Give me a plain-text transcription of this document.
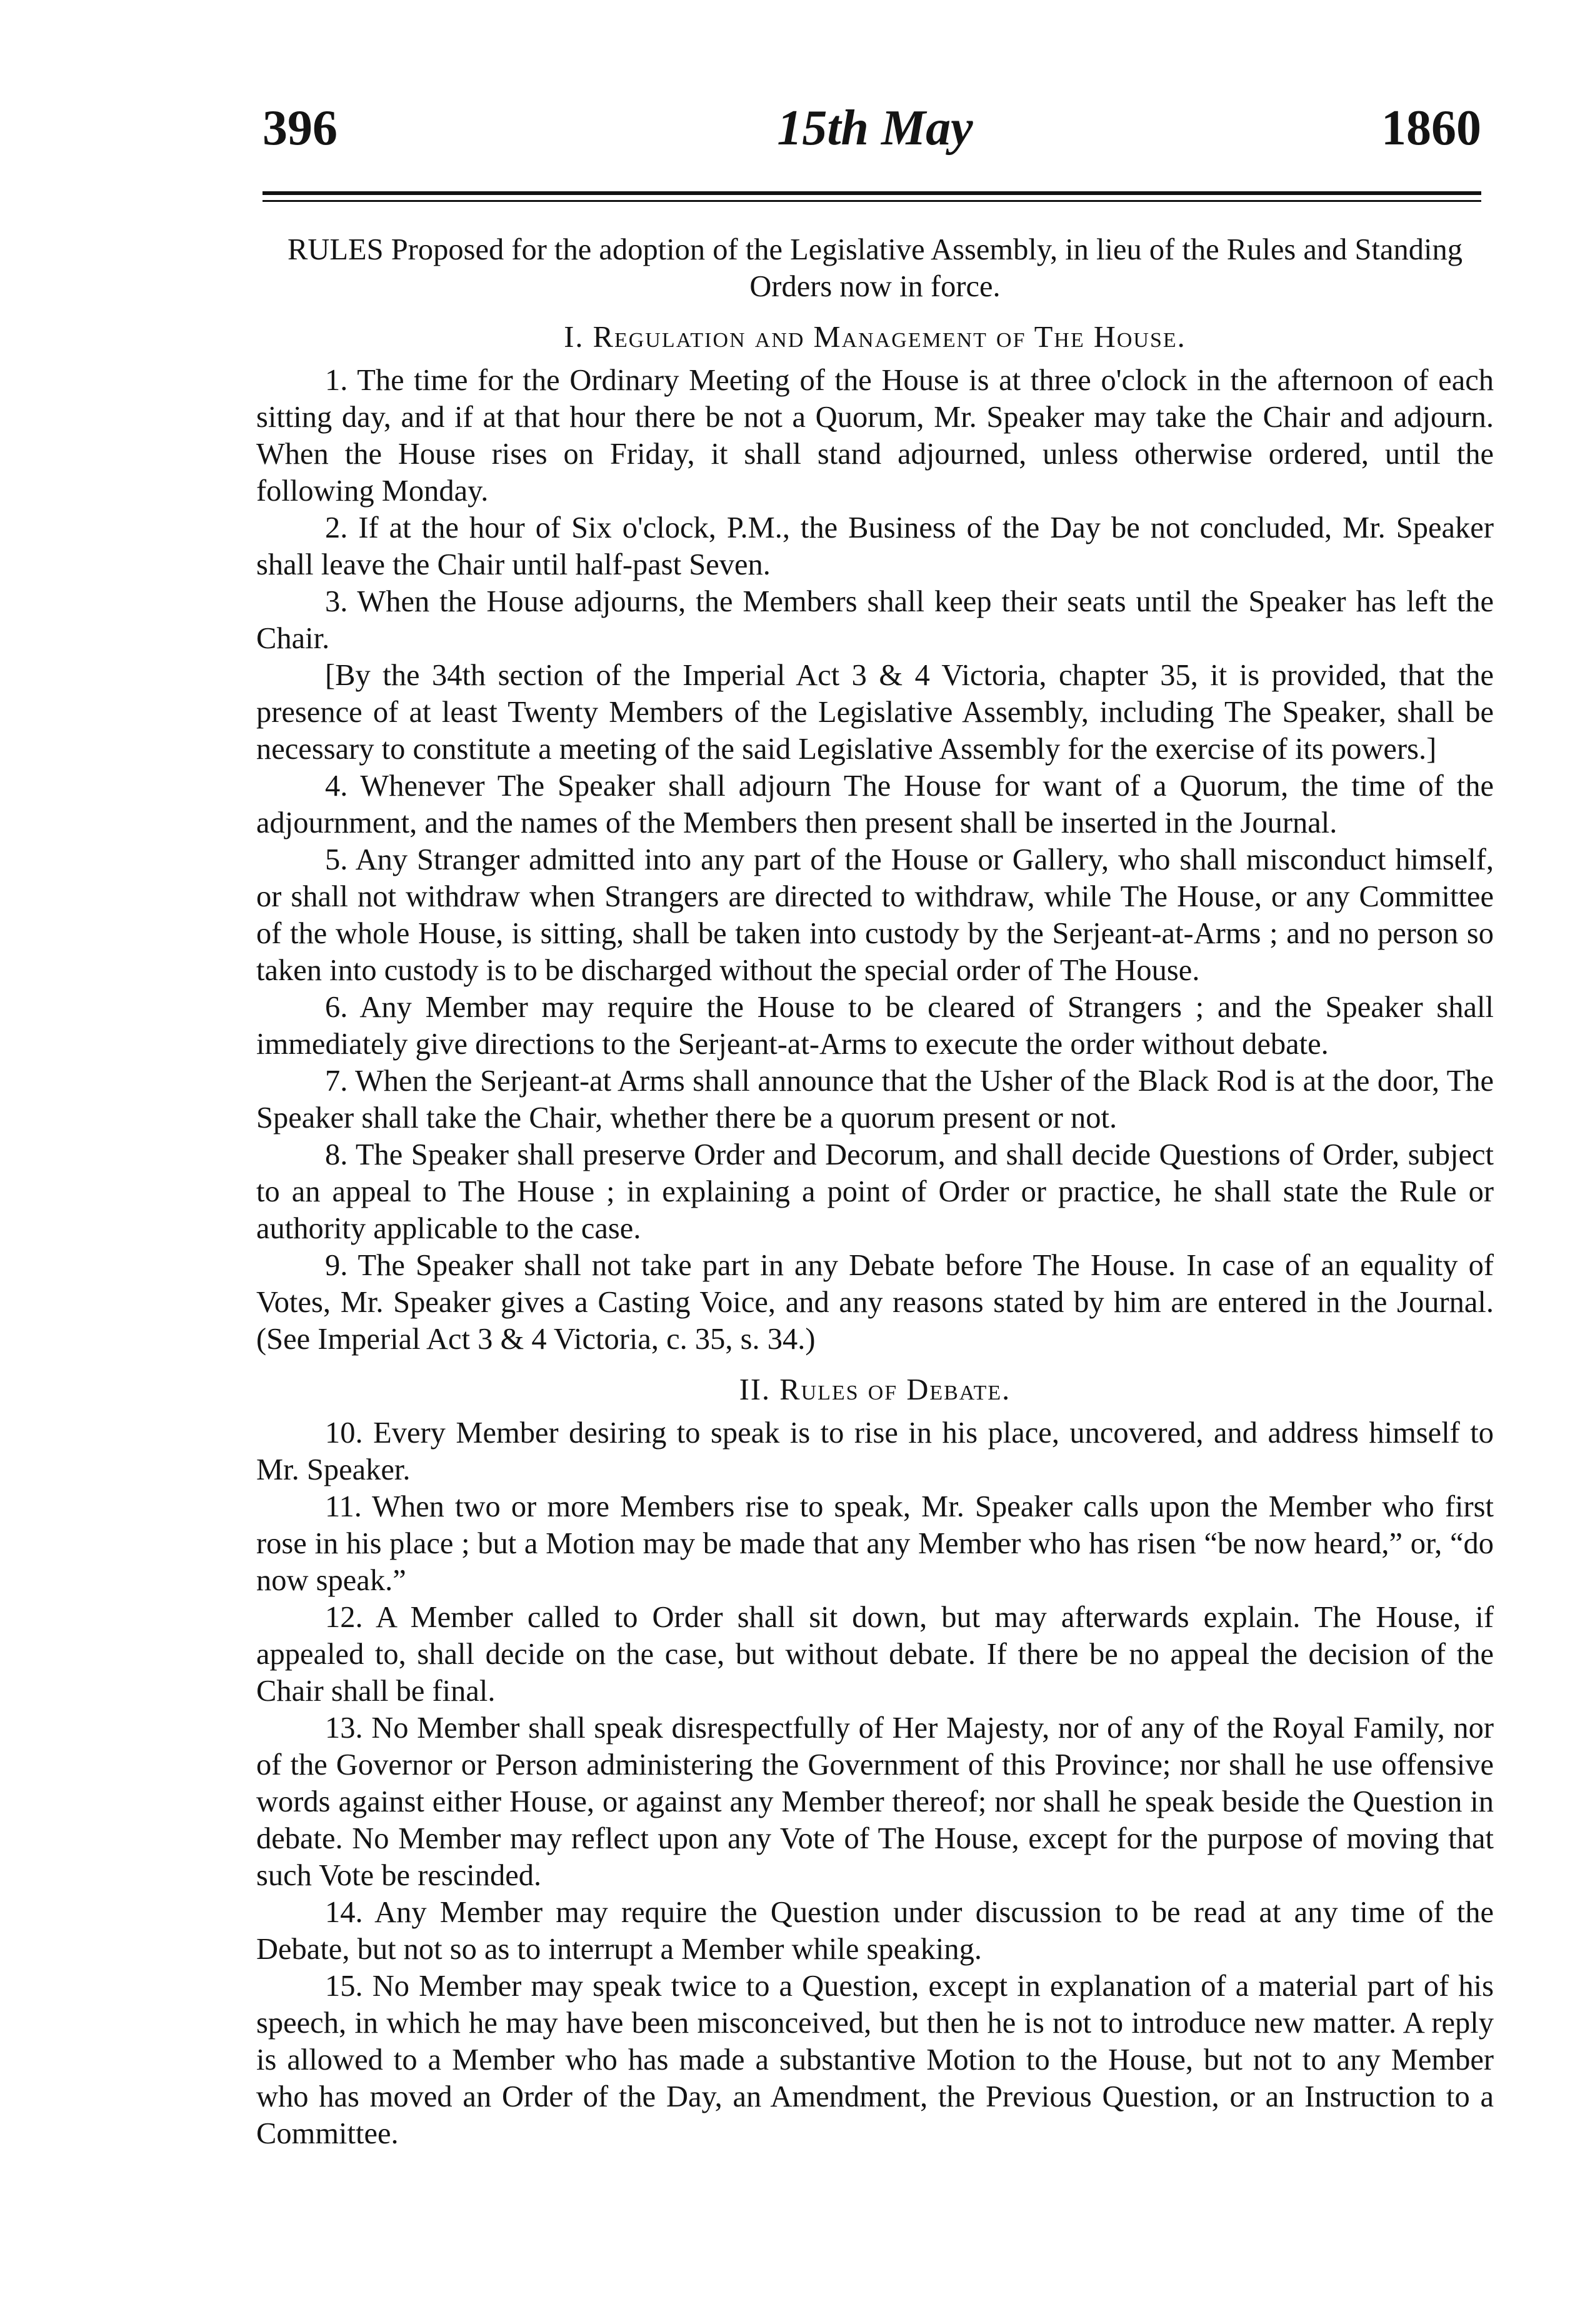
396	15th May	1860

RULES Proposed for the adoption of the Legislative Assembly, in lieu of the Rules and Standing Orders now in force.

I. Regulation and Management of The House.

1. The time for the Ordinary Meeting of the House is at three o'clock in the afternoon of each sitting day, and if at that hour there be not a Quorum, Mr. Speaker may take the Chair and adjourn. When the House rises on Friday, it shall stand adjourned, unless otherwise ordered, until the following Monday.

2. If at the hour of Six o'clock, P.M., the Business of the Day be not concluded, Mr. Speaker shall leave the Chair until half-past Seven.

3. When the House adjourns, the Members shall keep their seats until the Speaker has left the Chair.

[By the 34th section of the Imperial Act 3 & 4 Victoria, chapter 35, it is provided, that the presence of at least Twenty Members of the Legislative Assembly, including The Speaker, shall be necessary to constitute a meeting of the said Legislative Assembly for the exercise of its powers.]

4. Whenever The Speaker shall adjourn The House for want of a Quorum, the time of the adjournment, and the names of the Members then present shall be inserted in the Journal.

5. Any Stranger admitted into any part of the House or Gallery, who shall misconduct himself, or shall not withdraw when Strangers are directed to withdraw, while The House, or any Committee of the whole House, is sitting, shall be taken into custody by the Serjeant-at-Arms ; and no person so taken into custody is to be discharged without the special order of The House.

6. Any Member may require the House to be cleared of Strangers ; and the Speaker shall immediately give directions to the Serjeant-at-Arms to execute the order without debate.

7. When the Serjeant-at Arms shall announce that the Usher of the Black Rod is at the door, The Speaker shall take the Chair, whether there be a quorum present or not.

8. The Speaker shall preserve Order and Decorum, and shall decide Questions of Order, subject to an appeal to The House ; in explaining a point of Order or practice, he shall state the Rule or authority applicable to the case.

9. The Speaker shall not take part in any Debate before The House. In case of an equality of Votes, Mr. Speaker gives a Casting Voice, and any reasons stated by him are entered in the Journal. (See Imperial Act 3 & 4 Victoria, c. 35, s. 34.)

II. Rules of Debate.

10. Every Member desiring to speak is to rise in his place, uncovered, and address himself to Mr. Speaker.

11. When two or more Members rise to speak, Mr. Speaker calls upon the Member who first rose in his place ; but a Motion may be made that any Member who has risen “be now heard,” or, “do now speak.”

12. A Member called to Order shall sit down, but may afterwards explain. The House, if appealed to, shall decide on the case, but without debate. If there be no appeal the decision of the Chair shall be final.

13. No Member shall speak disrespectfully of Her Majesty, nor of any of the Royal Family, nor of the Governor or Person administering the Government of this Province; nor shall he use offensive words against either House, or against any Member thereof; nor shall he speak beside the Question in debate. No Member may reflect upon any Vote of The House, except for the purpose of moving that such Vote be rescinded.

14. Any Member may require the Question under discussion to be read at any time of the Debate, but not so as to interrupt a Member while speaking.

15. No Member may speak twice to a Question, except in explanation of a material part of his speech, in which he may have been misconceived, but then he is not to introduce new matter. A reply is allowed to a Member who has made a substantive Motion to the House, but not to any Member who has moved an Order of the Day, an Amendment, the Previous Question, or an Instruction to a Committee.
